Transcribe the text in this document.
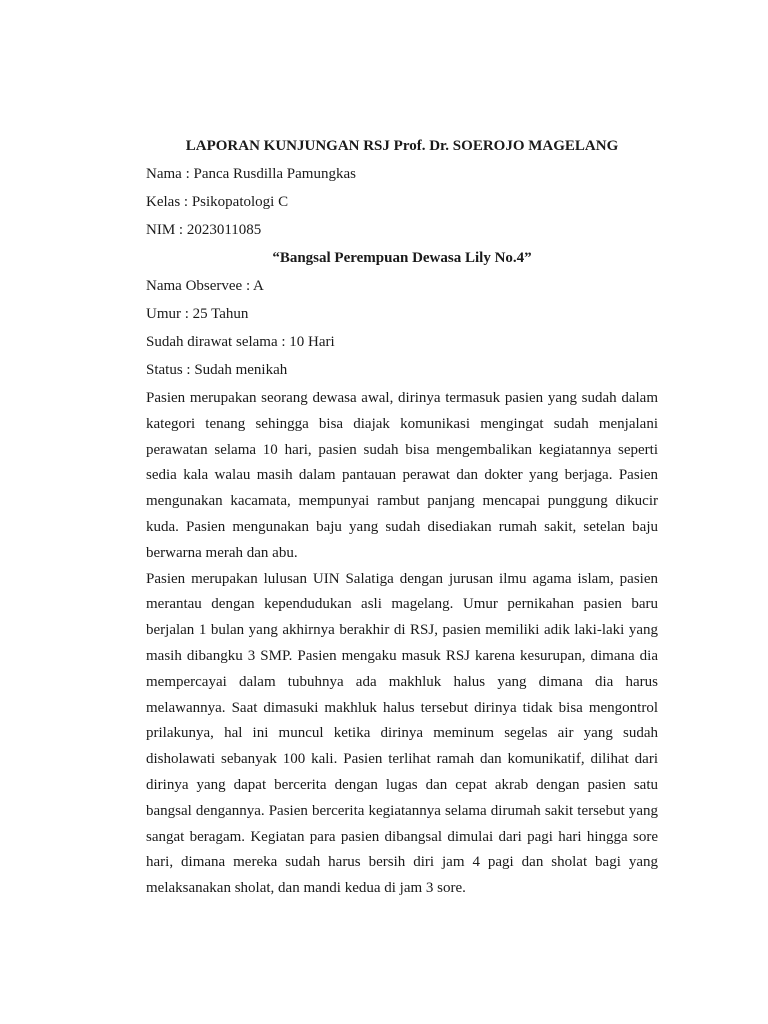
LAPORAN KUNJUNGAN RSJ Prof. Dr. SOEROJO MAGELANG
Nama : Panca Rusdilla Pamungkas
Kelas : Psikopatologi C
NIM : 2023011085
“Bangsal Perempuan Dewasa Lily No.4”
Nama Observee : A
Umur : 25 Tahun
Sudah dirawat selama : 10 Hari
Status : Sudah menikah

Pasien merupakan seorang dewasa awal, dirinya termasuk pasien yang sudah dalam kategori tenang sehingga bisa diajak komunikasi mengingat sudah menjalani perawatan selama 10 hari, pasien sudah bisa mengembalikan kegiatannya seperti sedia kala walau masih dalam pantauan perawat dan dokter yang berjaga. Pasien mengunakan kacamata, mempunyai rambut panjang mencapai punggung dikucir kuda. Pasien mengunakan baju yang sudah disediakan rumah sakit, setelan baju berwarna merah dan abu.

Pasien merupakan lulusan UIN Salatiga dengan jurusan ilmu agama islam, pasien merantau dengan kependudukan asli magelang. Umur pernikahan pasien baru berjalan 1 bulan yang akhirnya berakhir di RSJ, pasien memiliki adik laki-laki yang masih dibangku 3 SMP. Pasien mengaku masuk RSJ karena kesurupan, dimana dia mempercayai dalam tubuhnya ada makhluk halus yang dimana dia harus melawannya. Saat dimasuki makhluk halus tersebut dirinya tidak bisa mengontrol prilakunya, hal ini muncul ketika dirinya meminum segelas air yang sudah disholawati sebanyak 100 kali. Pasien terlihat ramah dan komunikatif, dilihat dari dirinya yang dapat bercerita dengan lugas dan cepat akrab dengan pasien satu bangsal dengannya. Pasien bercerita kegiatannya selama dirumah sakit tersebut yang sangat beragam. Kegiatan para pasien dibangsal dimulai dari pagi hari hingga sore hari, dimana mereka sudah harus bersih diri jam 4 pagi dan sholat bagi yang melaksanakan sholat, dan mandi kedua di jam 3 sore.
